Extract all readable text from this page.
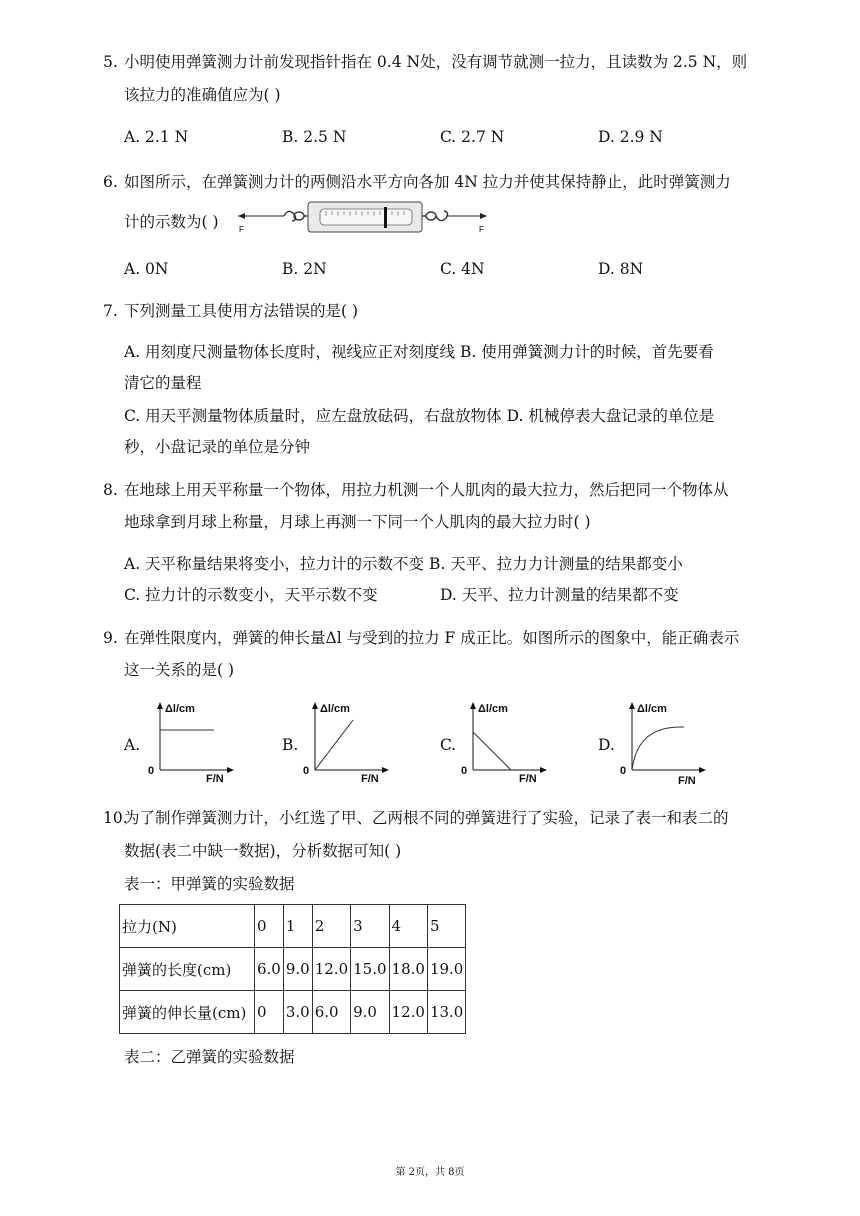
5. 小明使用弹簧测力计前发现指针指在 0.4 N处，没有调节就测一拉力，且读数为 2.5 N，则
该拉力的准确值应为( )
A. 2.1 N	B. 2.5 N	C. 2.7 N	D. 2.9 N
6. 如图所示，在弹簧测力计的两侧沿水平方向各加 4N 拉力并使其保持静止，此时弹簧测力
计的示数为( )	F	F
A. 0N	B. 2N	C. 4N	D. 8N
7. 下列测量工具使用方法错误的是( )
A. 用刻度尺测量物体长度时，视线应正对刻度线 B. 使用弹簧测力计的时候，首先要看
清它的量程
C. 用天平测量物体质量时，应左盘放砝码，右盘放物体 D. 机械停表大盘记录的单位是
秒，小盘记录的单位是分钟
8. 在地球上用天平称量一个物体，用拉力机测一个人肌肉的最大拉力，然后把同一个物体从
地球拿到月球上称量，月球上再测一下同一个人肌肉的最大拉力时( )
A. 天平称量结果将变小，拉力计的示数不变 B. 天平、拉力力计测量的结果都变小
C. 拉力计的示数变小，天平示数不变	D. 天平、拉力计测量的结果都不变
9. 在弹性限度内，弹簧的伸长量Δl 与受到的拉力 F 成正比。如图所示的图象中，能正确表示
这一关系的是( )
A.
Δl/cm
F/N
0
B.
Δl/cm
F/N
0
C.
Δl/cm
F/N
0
D.
Δl/cm
F/N
0
10.
为了制作弹簧测力计，小红选了甲、乙两根不同的弹簧进行了实验，记录了表一和表二的
数据(表二中缺一数据)，分析数据可知( )
表一：甲弹簧的实验数据
拉力(N)	0	1	2	3	4	5
弹簧的长度(cm)	6.0	9.0	12.0	15.0	18.0	19.0
弹簧的伸长量(cm)	0	3.0	6.0	9.0	12.0	13.0
表二：乙弹簧的实验数据
第 2页，共 8页
